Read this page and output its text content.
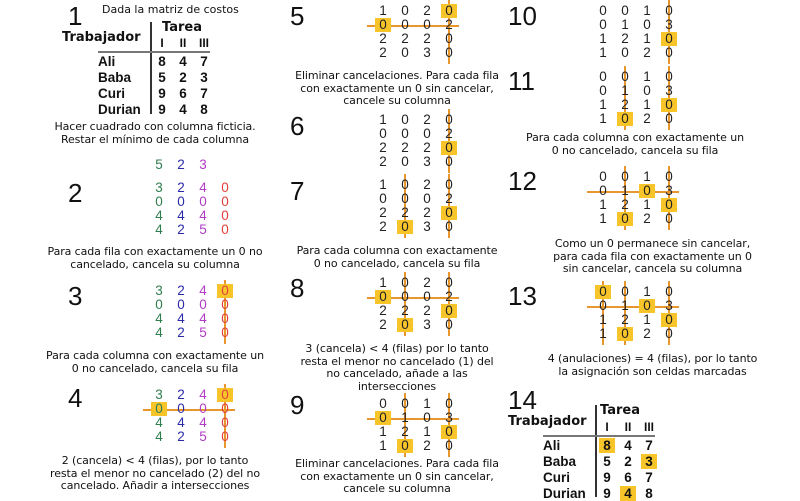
1
2
3
4
5
6
7
8
9
10
11
12
13
14
Dada la matriz de costos
Trabajador
Tarea
I	II	III
Ali	8 4 7
Baba	5 2 3
Curi	9 6 7
Durian	9 4 8
Trabajador
Tarea
I	II	III
Ali	8 4 7
Baba	5 2 3
Curi	9 6 7
Durian	9 4 8
Hacer cuadrado con columna ficticia.
Restar el mínimo de cada columna
Para cada fila con exactamente un 0 no
cancelado, cancela su columna
Para cada columna con exactamente un
0 no cancelado, cancela su fila
2 (cancela) < 4 (filas), por lo tanto
resta el menor no cancelado (2) del no
cancelado. Añadir a intersecciones
Eliminar cancelaciones. Para cada fila
con exactamente un 0 sin cancelar,
cancele su columna
Para cada columna con exactamente
0 no cancelado, cancela su fila
3 (cancela) < 4 (filas) por lo tanto
resta el menor no cancelado (1) del
no cancelado, añade a las
intersecciones
Eliminar cancelaciones. Para cada fila
con exactamente un 0 sin cancelar,
cancele su columna
Para cada columna con exactamente un
0 no cancelado, cancela su fila
Como un 0 permanece sin cancelar,
para cada fila con exactamente un 0
sin cancelar, cancela su columna
4 (anulaciones) = 4 (filas), por lo tanto
la asignación son celdas marcadas
5	2	3
3	2	4	0
0	0	0	0
4	4	4	0
4	2	5	0
3	2	4	0
0	0	0	0
4	4	4	0
4	2	5	0
3	2	4	0
0	0	0	0
4	4	4	0
4	2	5	0
1	0	2	0
0	0	0	2
2	2	2	0
2	0	3	0
1	0	2	0
0	0	0	2
2	2	2	0
2	0	3	0
1	0	2	0
0	0	0	2
2	2	2	0
2	0	3	0
1	0	2	0
0	0	0	2
2	2	2	0
2	0	3	0
0	0	1	0
0	1	0	3
1	2	1	0
1	0	2	0
0	0	1	0
0	1	0	3
1	2	1	0
1	0	2	0
0	0	1	0
0	1	0	3
1	2	1	0
1	0	2	0
0	0	1	0
0	1	0	3
1	2	1	0
1	0	2	0
0	0	1	0
0	1	0	3
1	2	1	0
1	0	2	0
